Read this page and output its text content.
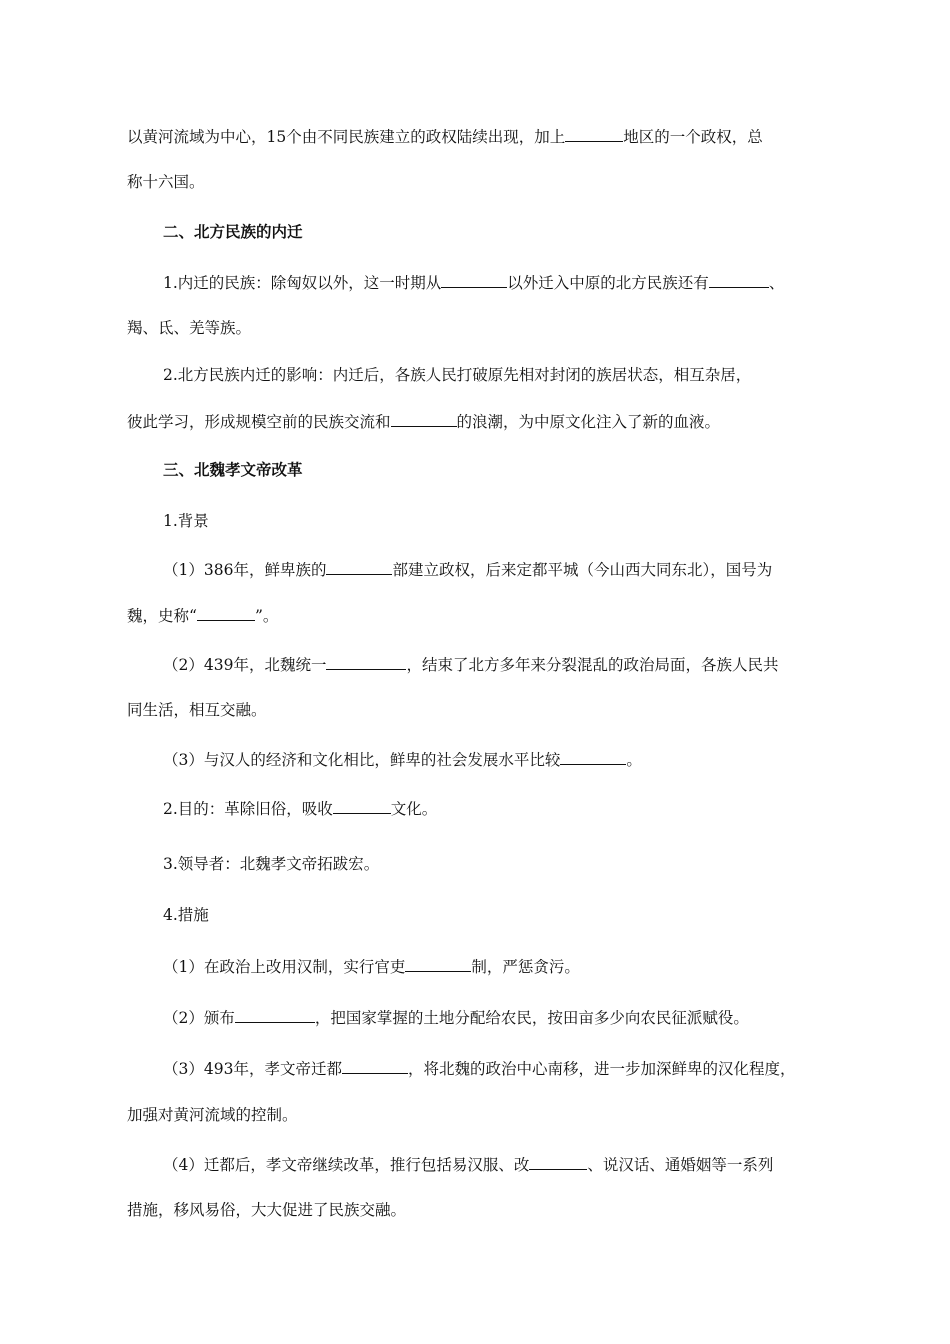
以黄河流域为中心，15个由不同民族建立的政权陆续出现，加上	地区的一个政权，总
称十六国。
二、北方民族的内迁
1.内迁的民族：除匈奴以外，这一时期从	以外迁入中原的北方民族还有	、
羯、氐、羌等族。
2.北方民族内迁的影响：内迁后，各族人民打破原先相对封闭的族居状态，相互杂居，
彼此学习，形成规模空前的民族交流和	的浪潮，为中原文化注入了新的血液。
三、北魏孝文帝改革
1.背景
（1）386年，鲜卑族的	部建立政权，后来定都平城（今山西大同东北），国号为
魏，史称“	”。
（2）439年，北魏统一	，结束了北方多年来分裂混乱的政治局面，各族人民共
同生活，相互交融。
（3）与汉人的经济和文化相比，鲜卑的社会发展水平比较	。
2.目的：革除旧俗，吸收	文化。
3.领导者：北魏孝文帝拓跋宏。
4.措施
（1）在政治上改用汉制，实行官吏	制，严惩贪污。
（2）颁布	，把国家掌握的土地分配给农民，按田亩多少向农民征派赋役。
（3）493年，孝文帝迁都	，将北魏的政治中心南移，进一步加深鲜卑的汉化程度，
加强对黄河流域的控制。
（4）迁都后，孝文帝继续改革，推行包括易汉服、改	、说汉话、通婚姻等一系列
措施，移风易俗，大大促进了民族交融。
